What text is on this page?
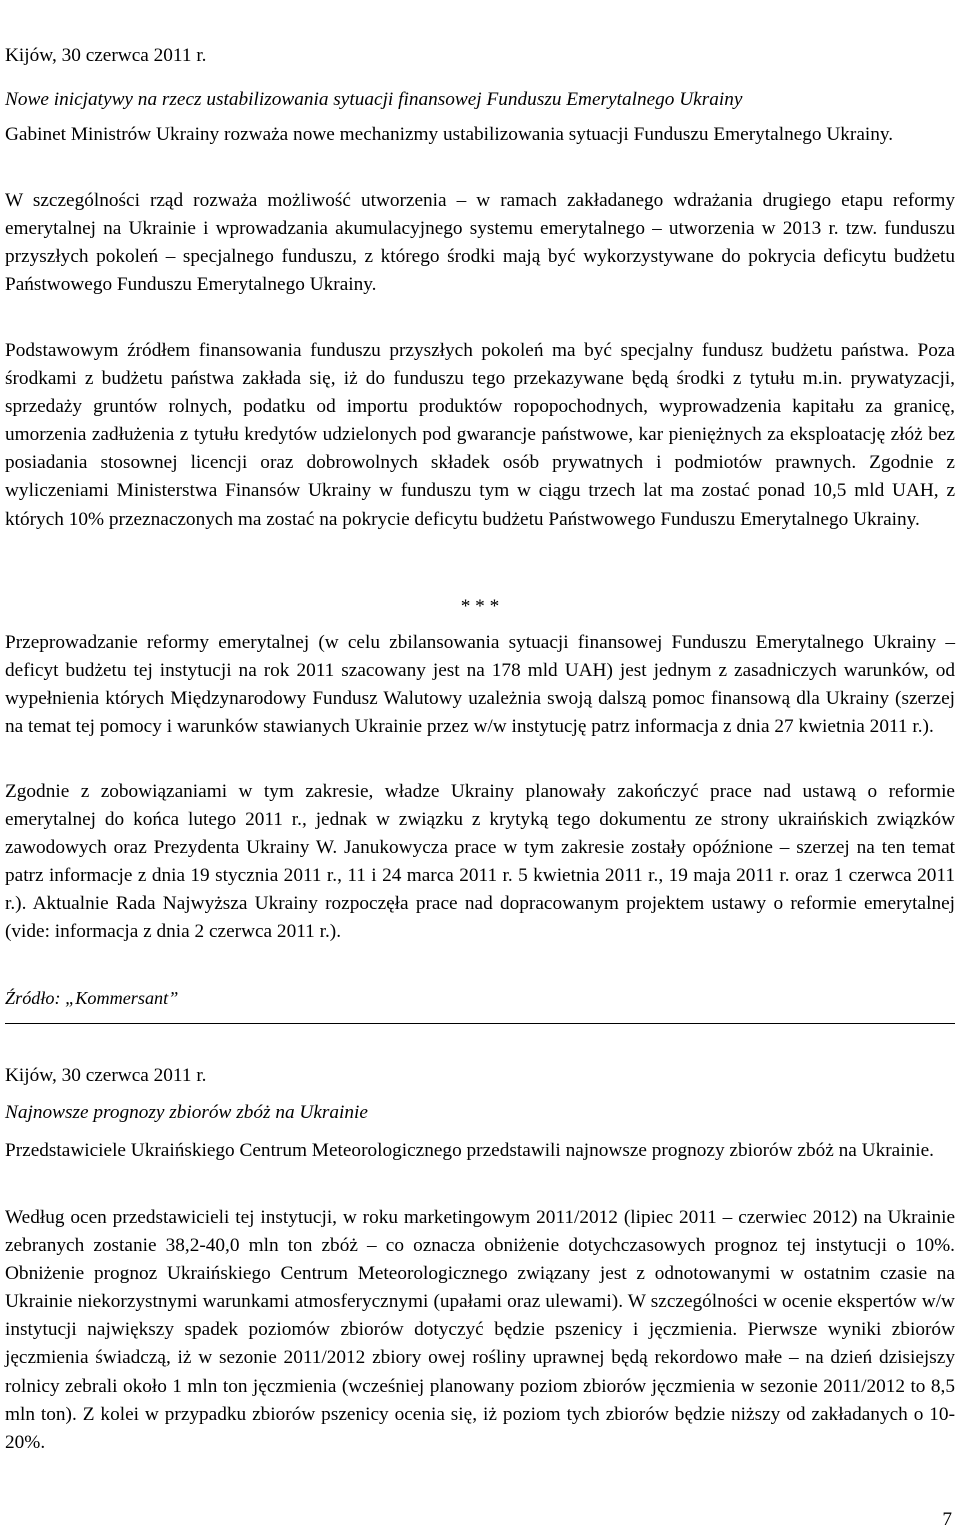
Kijów, 30 czerwca 2011 r.
Nowe inicjatywy na rzecz ustabilizowania sytuacji finansowej Funduszu Emerytalnego Ukrainy

Gabinet Ministrów Ukrainy rozważa nowe mechanizmy ustabilizowania sytuacji Funduszu Emerytalnego Ukrainy.

W szczególności rząd rozważa możliwość utworzenia – w ramach zakładanego wdrażania drugiego etapu reformy emerytalnej na Ukrainie i wprowadzania akumulacyjnego systemu emerytalnego – utworzenia w 2013 r. tzw. funduszu przyszłych pokoleń – specjalnego funduszu, z którego środki mają być wykorzystywane do pokrycia deficytu budżetu Państwowego Funduszu Emerytalnego Ukrainy.

Podstawowym źródłem finansowania funduszu przyszłych pokoleń ma być specjalny fundusz budżetu państwa. Poza środkami z budżetu państwa zakłada się, iż do funduszu tego przekazywane będą środki z tytułu m.in. prywatyzacji, sprzedaży gruntów rolnych, podatku od importu produktów ropopochodnych, wyprowadzenia kapitału za granicę, umorzenia zadłużenia z tytułu kredytów udzielonych pod gwarancje państwowe, kar pieniężnych za eksploatację złóż bez posiadania stosownej licencji oraz dobrowolnych składek osób prywatnych i podmiotów prawnych. Zgodnie z wyliczeniami Ministerstwa Finansów Ukrainy w funduszu tym w ciągu trzech lat ma zostać ponad 10,5 mld UAH, z których 10% przeznaczonych ma zostać na pokrycie deficytu budżetu Państwowego Funduszu Emerytalnego Ukrainy.

* * *

Przeprowadzanie reformy emerytalnej (w celu zbilansowania sytuacji finansowej Funduszu Emerytalnego Ukrainy – deficyt budżetu tej instytucji na rok 2011 szacowany jest na 178 mld UAH) jest jednym z zasadniczych warunków, od wypełnienia których Międzynarodowy Fundusz Walutowy uzależnia swoją dalszą pomoc finansową dla Ukrainy (szerzej na temat tej pomocy i warunków stawianych Ukrainie przez w/w instytucję patrz informacja z dnia 27 kwietnia 2011 r.).

Zgodnie z zobowiązaniami w tym zakresie, władze Ukrainy planowały zakończyć prace nad ustawą o reformie emerytalnej do końca lutego 2011 r., jednak w związku z krytyką tego dokumentu ze strony ukraińskich związków zawodowych oraz Prezydenta Ukrainy W. Janukowycza prace w tym zakresie zostały opóźnione – szerzej na ten temat patrz informacje z dnia 19 stycznia 2011 r., 11 i 24 marca 2011 r. 5 kwietnia 2011 r., 19 maja 2011 r. oraz 1 czerwca 2011 r.). Aktualnie Rada Najwyższa Ukrainy rozpoczęła prace nad dopracowanym projektem ustawy o reformie emerytalnej (vide: informacja z dnia 2 czerwca 2011 r.).

Źródło: „Kommersant”
Kijów, 30 czerwca 2011 r.
Najnowsze prognozy zbiorów zbóż na Ukrainie

Przedstawiciele Ukraińskiego Centrum Meteorologicznego przedstawili najnowsze prognozy zbiorów zbóż na Ukrainie.

Według ocen przedstawicieli tej instytucji, w roku marketingowym 2011/2012 (lipiec 2011 – czerwiec 2012) na Ukrainie zebranych zostanie 38,2-40,0 mln ton zbóż – co oznacza obniżenie dotychczasowych prognoz tej instytucji o 10%. Obniżenie prognoz Ukraińskiego Centrum Meteorologicznego związany jest z odnotowanymi w ostatnim czasie na Ukrainie niekorzystnymi warunkami atmosferycznymi (upałami oraz ulewami). W szczególności w ocenie ekspertów w/w instytucji największy spadek poziomów zbiorów dotyczyć będzie pszenicy i jęczmienia. Pierwsze wyniki zbiorów jęczmienia świadczą, iż w sezonie 2011/2012 zbiory owej rośliny uprawnej będą rekordowo małe – na dzień dzisiejszy rolnicy zebrali około 1 mln ton jęczmienia (wcześniej planowany poziom zbiorów jęczmienia w sezonie 2011/2012 to 8,5 mln ton). Z kolei w przypadku zbiorów pszenicy ocenia się, iż poziom tych zbiorów będzie niższy od zakładanych o 10-20%.

7
